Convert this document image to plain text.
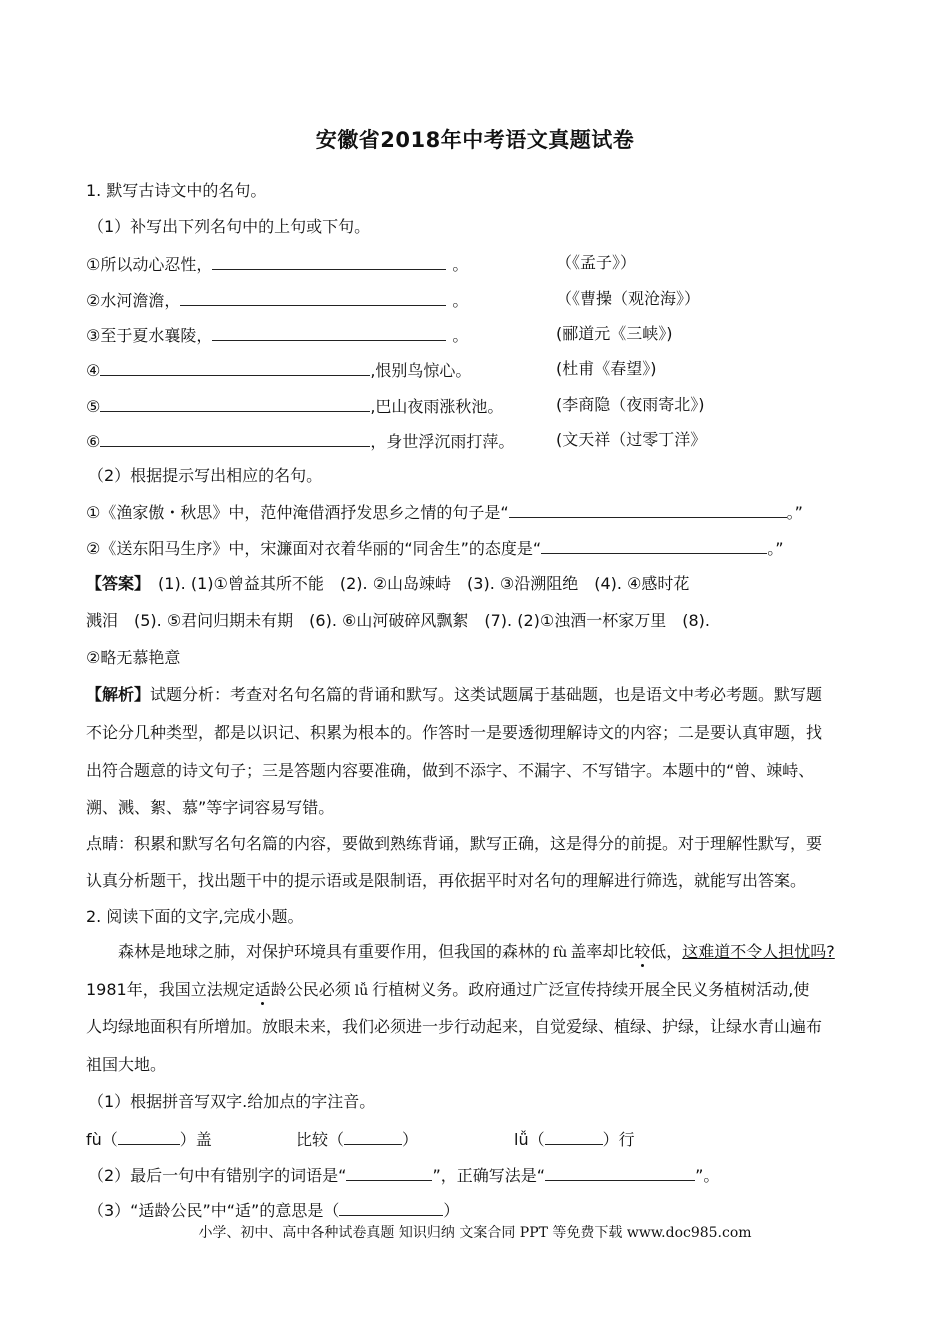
安徽省2018年中考语文真题试卷
1. 默写古诗文中的名句。
（1）补写出下列名句中的上句或下句。
①所以动心忍性，	。	（《孟子》）
②水河澹澹，	。	（《曹操（观沧海》）
③至于夏水襄陵，	。	(郦道元《三峡》)
④	,恨别鸟惊心。	(杜甫《春望》)
⑤	,巴山夜雨涨秋池。	(李商隐（夜雨寄北》)
⑥	，身世浮沉雨打萍。	(文天祥（过零丁洋》
（2）根据提示写出相应的名句。
①《渔家傲・秋思》中，范仲淹借酒抒发思乡之情的句子是“	。”
②《送东阳马生序》中，宋濂面对衣着华丽的“同舍生”的态度是“	。”
【答案】 (1). (1)①曾益其所不能　(2). ②山岛竦峙　(3). ③沿溯阻绝　(4). ④感时花
溅泪　(5). ⑤君问归期未有期　(6). ⑥山河破碎风飘絮　(7). (2)①浊酒一杯家万里　(8).
②略无慕艳意
【解析】试题分析：考查对名句名篇的背诵和默写。这类试题属于基础题，也是语文中考必考题。默写题
不论分几种类型，都是以识记、积累为根本的。作答时一是要透彻理解诗文的内容；二是要认真审题，找
出符合题意的诗文句子；三是答题内容要准确，做到不添字、不漏字、不写错字。本题中的“曾、竦峙、
溯、溅、絮、慕”等字词容易写错。
点睛：积累和默写名句名篇的内容，要做到熟练背诵，默写正确，这是得分的前提。对于理解性默写，要
认真分析题干，找出题干中的提示语或是限制语，再依据平时对名句的理解进行筛选，就能写出答案。
2. 阅读下面的文字,完成小题。
森林是地球之肺，对保护环境具有重要作用，但我国的森林的 fù 盖率却比较低，这难道不令人担忧吗?
1981年，我国立法规定适龄公民必须 lǚ 行植树义务。政府通过广泛宣传持续开展全民义务植树活动,使
人均绿地面积有所增加。放眼未来，我们必须进一步行动起来，自觉爱绿、植绿、护绿，让绿水青山遍布
祖国大地。
（1）根据拼音写双字.给加点的字注音。
fù（	）盖	比较（	）	lǚ（	）行
（2）最后一句中有错别字的词语是“	”，正确写法是“	”。
（3）“适龄公民”中“适”的意思是（	）
小学、初中、高中各种试卷真题 知识归纳 文案合同 PPT 等免费下载 www.doc985.com
